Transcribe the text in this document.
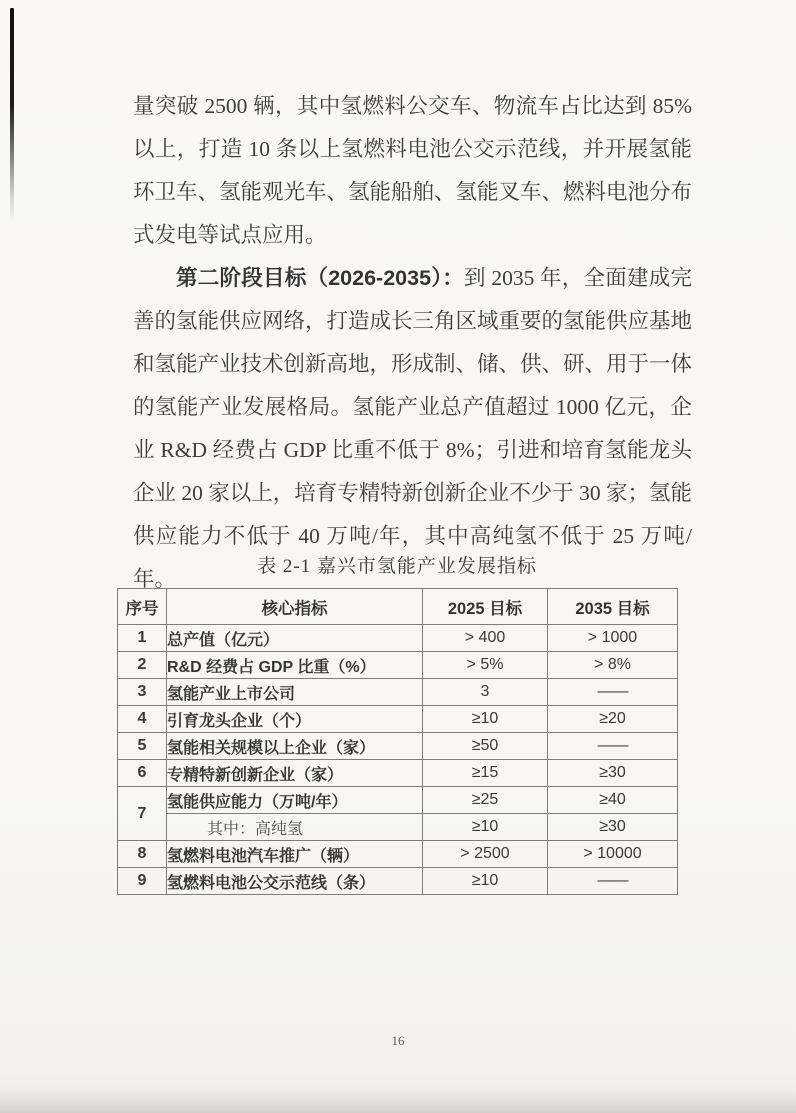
量突破 2500 辆，其中氢燃料公交车、物流车占比达到 85%
以上，打造 10 条以上氢燃料电池公交示范线，并开展氢能
环卫车、氢能观光车、氢能船舶、氢能叉车、燃料电池分布
式发电等试点应用。
第二阶段目标（2026-2035）：到 2035 年，全面建成完
善的氢能供应网络，打造成长三角区域重要的氢能供应基地
和氢能产业技术创新高地，形成制、储、供、研、用于一体
的氢能产业发展格局。氢能产业总产值超过 1000 亿元，企
业 R&D 经费占 GDP 比重不低于 8%；引进和培育氢能龙头
企业 20 家以上，培育专精特新创新企业不少于 30 家；氢能
供应能力不低于 40 万吨/年，其中高纯氢不低于 25 万吨/年。
表 2-1 嘉兴市氢能产业发展指标
序号	核心指标	2025 目标	2035 目标
1	总产值（亿元）	> 400	> 1000
2	R&D 经费占 GDP 比重（%）	> 5%	> 8%
3	氢能产业上市公司	3	——
4	引育龙头企业（个）	≥10	≥20
5	氢能相关规模以上企业（家）	≥50	——
6	专精特新创新企业（家）	≥15	≥30
7	氢能供应能力（万吨/年）	≥25	≥40
	其中：高纯氢	≥10	≥30
8	氢燃料电池汽车推广（辆）	> 2500	> 10000
9	氢燃料电池公交示范线（条）	≥10	——
16
